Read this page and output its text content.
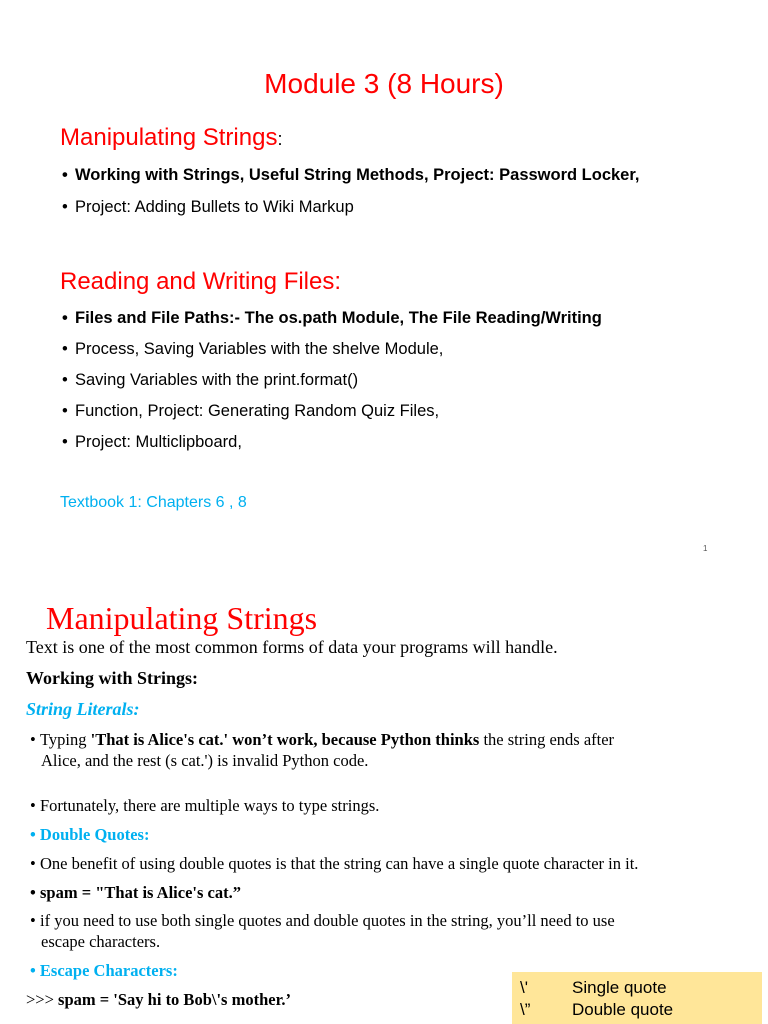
Module 3 (8 Hours)
Manipulating Strings:
• Working with Strings, Useful String Methods, Project: Password Locker,
• Project: Adding Bullets to Wiki Markup
Reading and Writing Files:
• Files and File Paths:- The os.path Module, The File Reading/Writing
• Process, Saving Variables with the shelve Module,
• Saving Variables with the print.format()
• Function, Project: Generating Random Quiz Files,
• Project: Multiclipboard,
Textbook 1: Chapters 6 , 8
1
Manipulating Strings
Text is one of the most common forms of data your programs will handle.
Working with Strings:
String Literals:
• Typing 'That is Alice's cat.' won’t work, because Python thinks the string ends after
Alice, and the rest (s cat.') is invalid Python code.
• Fortunately, there are multiple ways to type strings.
• Double Quotes:
• One benefit of using double quotes is that the string can have a single quote character in it.
• spam = "That is Alice's cat.”
• if you need to use both single quotes and double quotes in the string, you’ll need to use
escape characters.
• Escape Characters:
>>> spam = 'Say hi to Bob\'s mother.’
\'	Single quote
\” Double quote
